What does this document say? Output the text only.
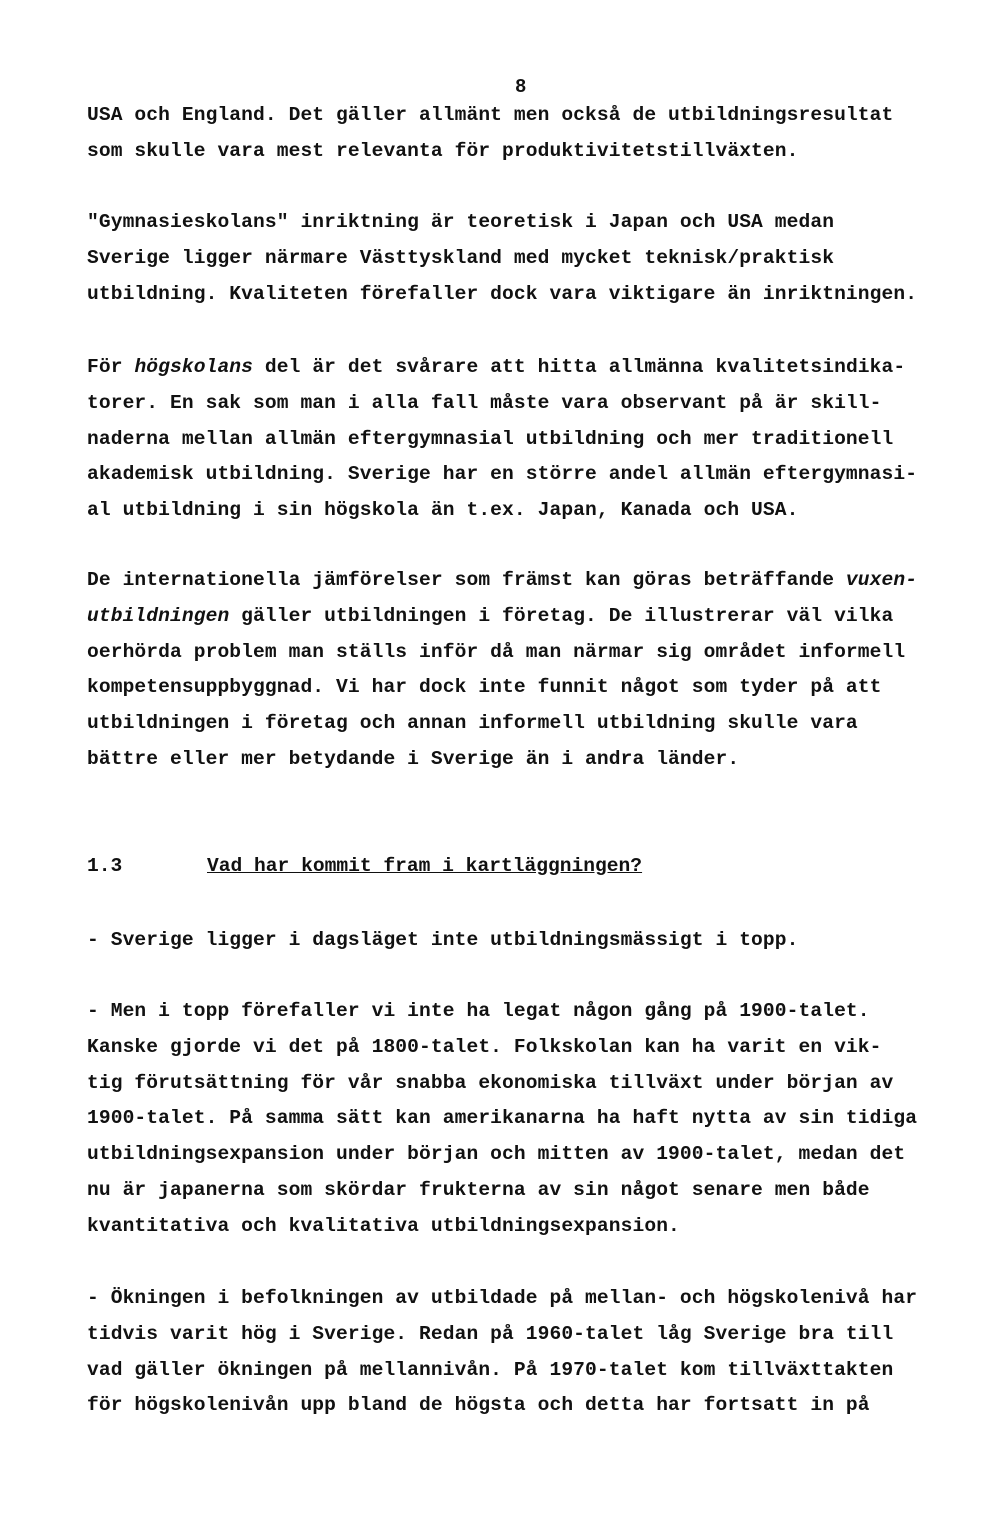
8
1.3	Vad har kommit fram i kartläggningen?
USA och England. Det gäller allmänt men också de utbildningsresultat
som skulle vara mest relevanta för produktivitetstillväxten.
"Gymnasieskolans" inriktning är teoretisk i Japan och USA medan
Sverige ligger närmare Västtyskland med mycket teknisk/praktisk
utbildning. Kvaliteten förefaller dock vara viktigare än inriktningen.
För högskolans del är det svårare att hitta allmänna kvalitetsindika-
torer. En sak som man i alla fall måste vara observant på är skill-
naderna mellan allmän eftergymnasial utbildning och mer traditionell
akademisk utbildning. Sverige har en större andel allmän eftergymnasi-
al utbildning i sin högskola än t.ex. Japan, Kanada och USA.
De internationella jämförelser som främst kan göras beträffande vuxen-
utbildningen gäller utbildningen i företag. De illustrerar väl vilka
oerhörda problem man ställs inför då man närmar sig området informell
kompetensuppbyggnad. Vi har dock inte funnit något som tyder på att
utbildningen i företag och annan informell utbildning skulle vara
bättre eller mer betydande i Sverige än i andra länder.
- Sverige ligger i dagsläget inte utbildningsmässigt i topp.
- Men i topp förefaller vi inte ha legat någon gång på 1900-talet.
Kanske gjorde vi det på 1800-talet. Folkskolan kan ha varit en vik-
tig förutsättning för vår snabba ekonomiska tillväxt under början av
1900-talet. På samma sätt kan amerikanarna ha haft nytta av sin tidiga
utbildningsexpansion under början och mitten av 1900-talet, medan det
nu är japanerna som skördar frukterna av sin något senare men både
kvantitativa och kvalitativa utbildningsexpansion.
- Ökningen i befolkningen av utbildade på mellan- och högskolenivå har
tidvis varit hög i Sverige. Redan på 1960-talet låg Sverige bra till
vad gäller ökningen på mellannivån. På 1970-talet kom tillväxttakten
för högskolenivån upp bland de högsta och detta har fortsatt in på
